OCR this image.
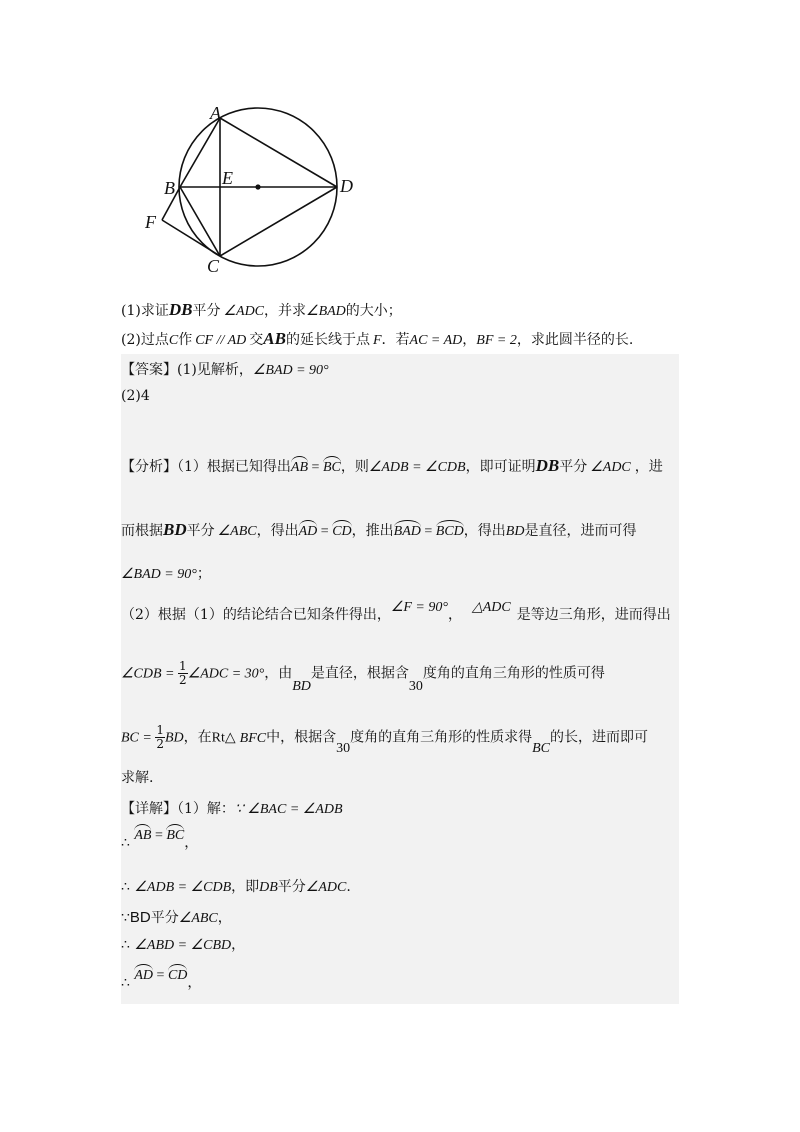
A
B	E	D
F
C
(1)求证DB平分 ∠ADC，并求∠BAD的大小；
(2)过点C作 CF // AD 交AB的延长线于点 F．若AC = AD，BF = 2，求此圆半径的长.
【答案】(1)见解析，∠BAD = 90°
(2)4
【分析】（1）根据已知得出AB = BC，则∠ADB = ∠CDB，即可证明DB平分 ∠ADC ，进
而根据BD平分 ∠ABC，得出AD = CD，推出BAD = BCD，得出BD是直径，进而可得
∠BAD = 90°；
（2）根据（1）的结论结合已知条件得出，∠F = 90°， △ADC 是等边三角形，进而得出
∠CDB = $\frac{1}{2}$ ∠ADC = 30°，由BD是直径，根据含30度角的直角三角形的性质可得
BC = $\frac{1}{2}$ BD，在Rt△ BFC中，根据含30度角的直角三角形的性质求得BC的长，进而即可
求解.
【详解】（1）解：∵ ∠BAC = ∠ADB
∴ AB = BC，
∴ ∠ADB = ∠CDB，即DB平分∠ADC.
∵BD平分∠ABC，
∴ ∠ABD = ∠CBD，
∴ AD = CD，
